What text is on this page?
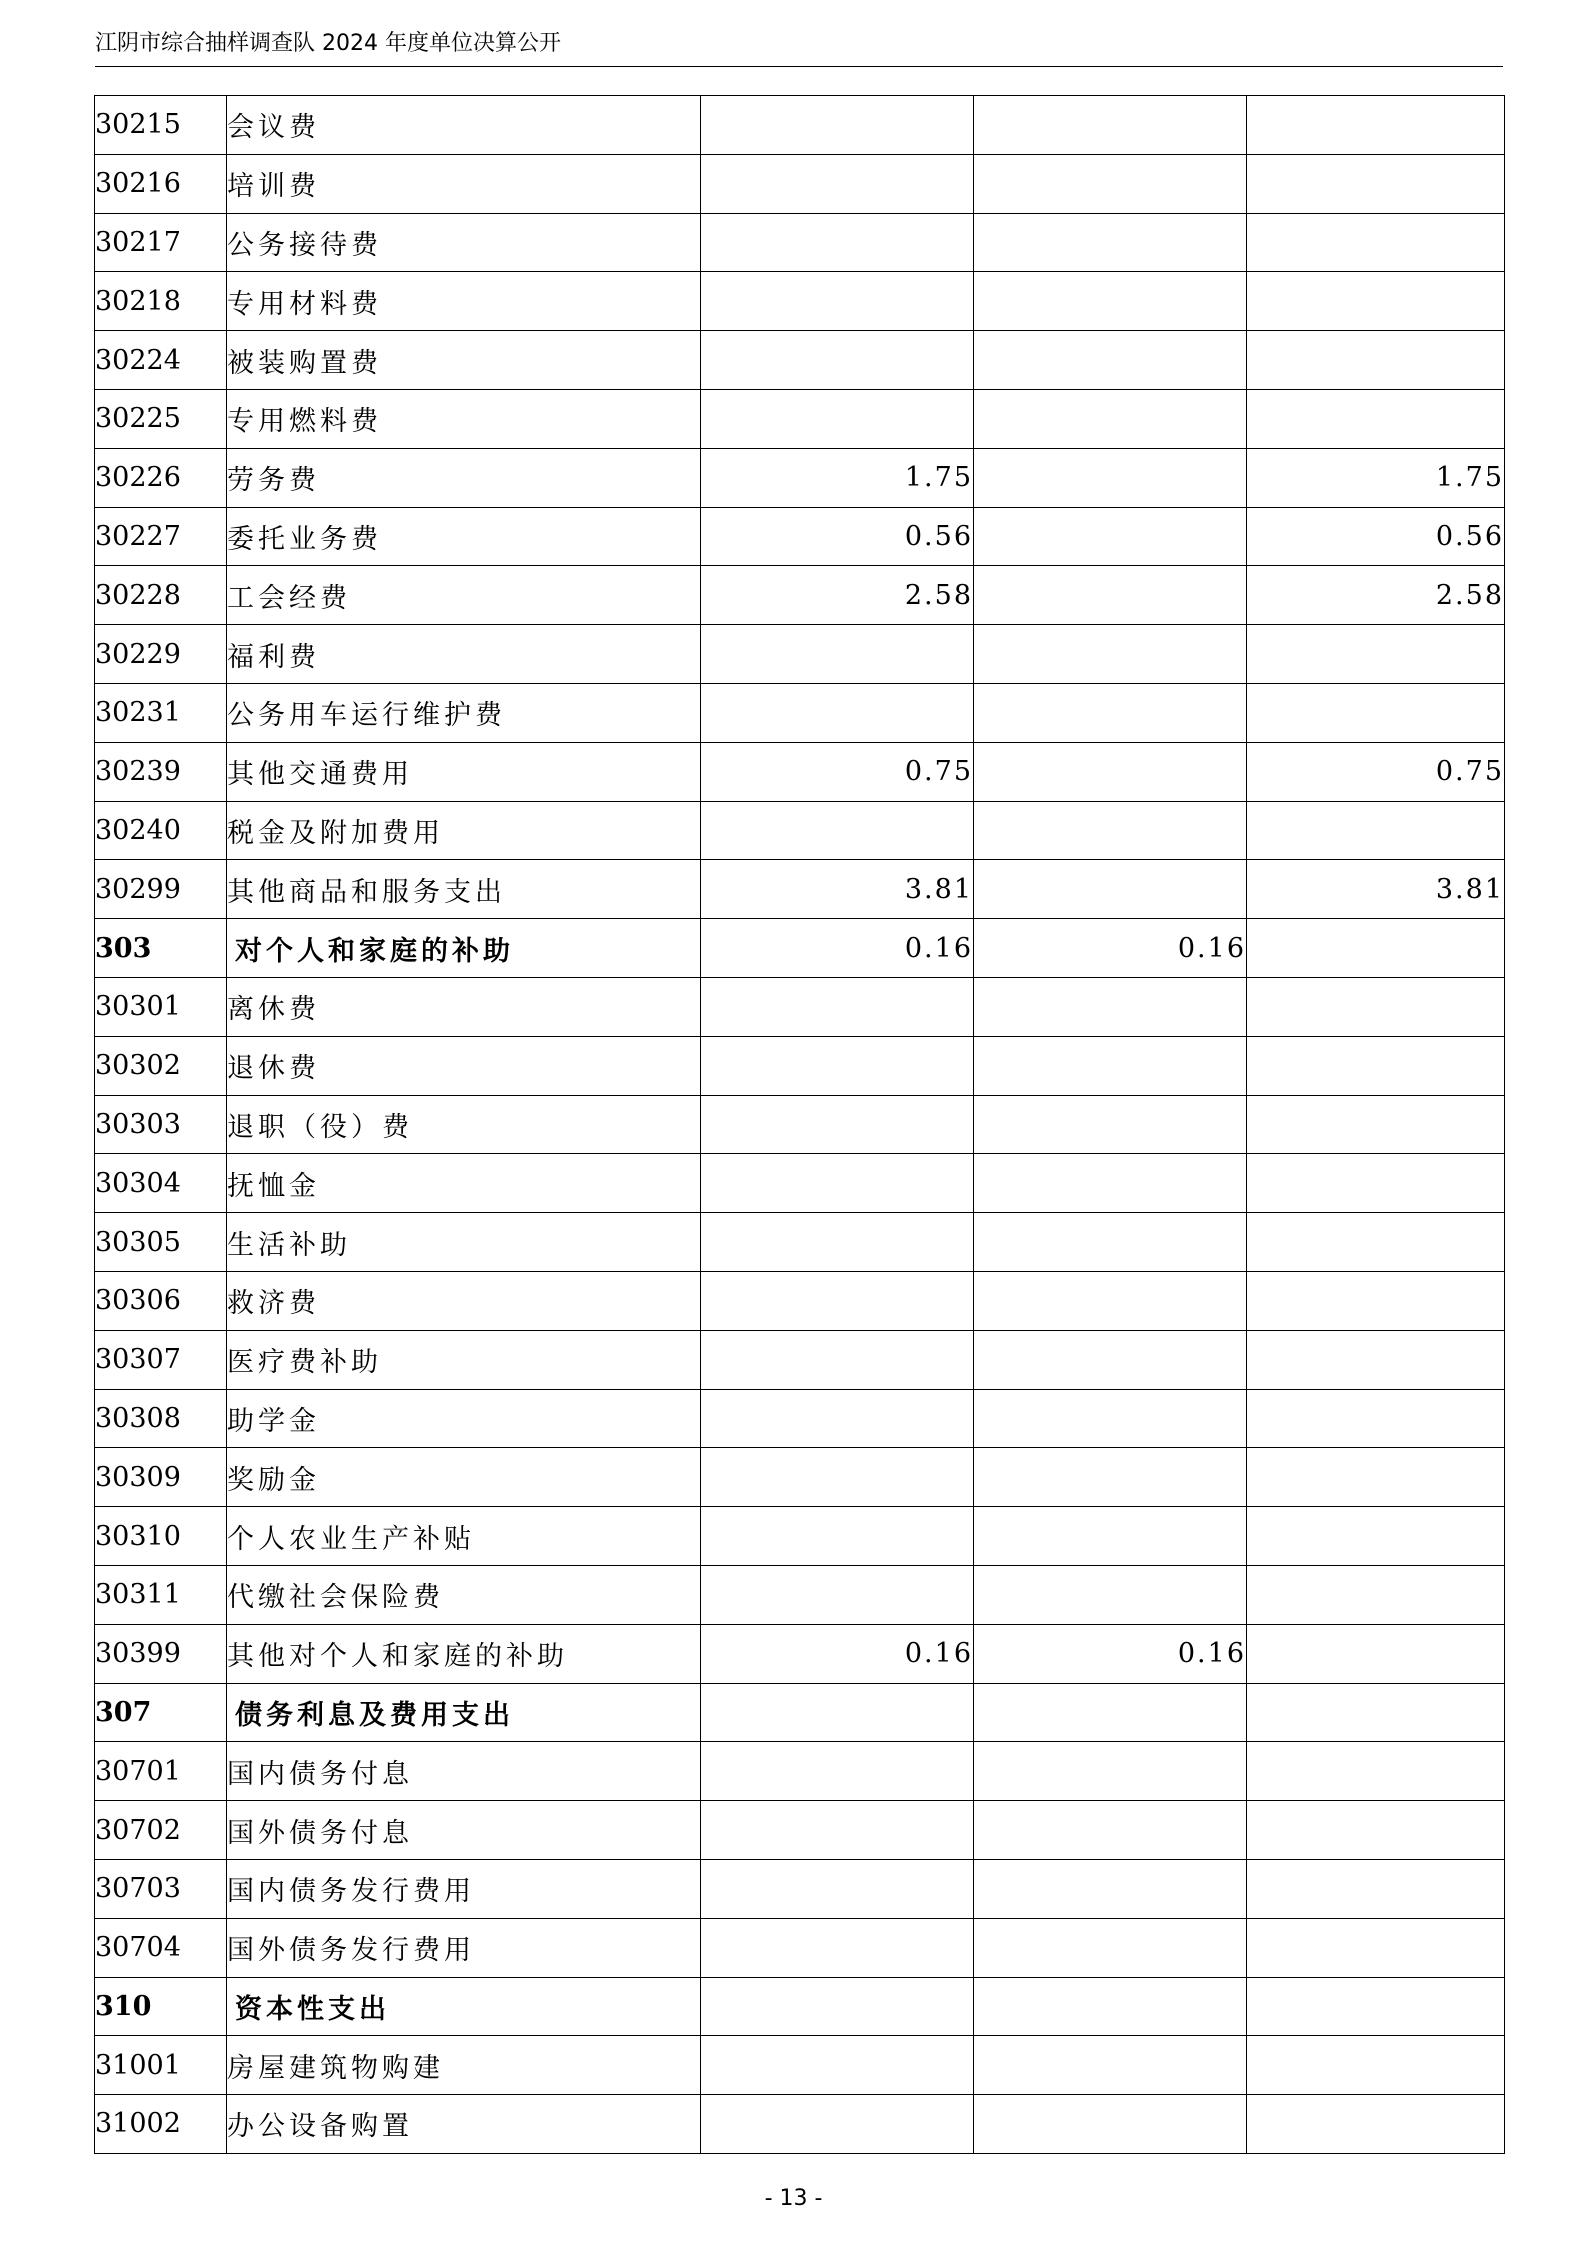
江阴市综合抽样调查队 2024 年度单位决算公开
30215	会议费			
30216	培训费			
30217	公务接待费			
30218	专用材料费			
30224	被装购置费			
30225	专用燃料费			
30226	劳务费	1.75		1.75
30227	委托业务费	0.56		0.56
30228	工会经费	2.58		2.58
30229	福利费			
30231	公务用车运行维护费			
30239	其他交通费用	0.75		0.75
30240	税金及附加费用			
30299	其他商品和服务支出	3.81		3.81
303	对个人和家庭的补助	0.16	0.16	
30301	离休费			
30302	退休费			
30303	退职（役）费			
30304	抚恤金			
30305	生活补助			
30306	救济费			
30307	医疗费补助			
30308	助学金			
30309	奖励金			
30310	个人农业生产补贴			
30311	代缴社会保险费			
30399	其他对个人和家庭的补助	0.16	0.16	
307	债务利息及费用支出			
30701	国内债务付息			
30702	国外债务付息			
30703	国内债务发行费用			
30704	国外债务发行费用			
310	资本性支出			
31001	房屋建筑物购建			
31002	办公设备购置			
- 13 -
